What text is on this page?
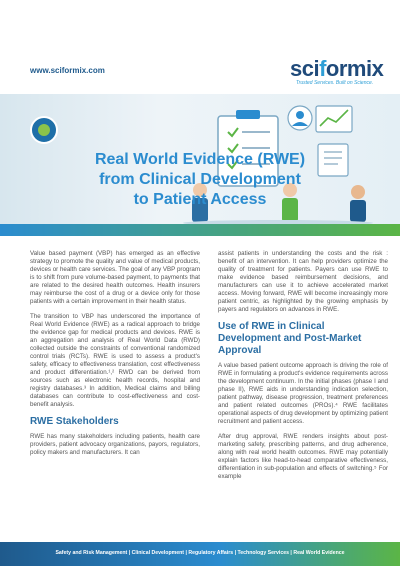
www.sciformix.com	sciformix
Trusted Services. Built on Science.
Real World Evidence (RWE)
from Clinical Development
to Patient Access

Value based payment (VBP) has emerged as an effective strategy to promote the quality and value of medical products, devices or health care services. The goal of any VBP program is to shift from pure volume-based payment, to payments that are related to the desired health outcomes. Health insurers may reimburse the cost of a drug or a device only for those patients with a certain improvement in their health status.

The transition to VBP has underscored the importance of Real World Evidence (RWE) as a radical approach to bridge the evidence gap for medical products and devices. RWE is an aggregation and analysis of Real World Data (RWD) collected outside the constraints of conventional randomized control trials (RCTs). RWE is used to assess a product's safety, efficacy to effectiveness translation, cost effectiveness and product differentiation.¹,² RWD can be derived from sources such as electronic health records, hospital and registry databases.³ In addition, Medical claims and billing databases can contribute to cost-effectiveness and cost-benefit analysis.

RWE Stakeholders

RWE has many stakeholders including patients, health care providers, patient advocacy organizations, payors, regulators, policy makers and manufacturers. It can

assist patients in understanding the costs and the risk : benefit of an intervention. It can help providers optimize the quality of treatment for patients. Payers can use RWE to make evidence based reimbursement decisions, and manufacturers can use it to achieve accelerated market access. Moving forward, RWE will become increasingly more patient centric, as highlighted by the growing emphasis by payers and regulators on advances in RWE.

Use of RWE in Clinical Development and Post-Market Approval

A value based patient outcome approach is driving the role of RWE in formulating a product's evidence requirements across the development continuum. In the initial phases (phase I and phase II), RWE aids in understanding indication selection, patient pathway, disease progression, treatment preferences and patient related outcomes (PROs).⁴ RWE facilitates operational aspects of drug development by optimizing patient recruitment and patient access.

After drug approval, RWE renders insights about post-marketing safety, prescribing patterns, and drug adherence, along with real world health outcomes. RWE may potentially explain factors like head-to-head comparative effectiveness, differentiation in sub-population and effects of switching.⁵ For example

Safety and Risk Management | Clinical Development | Regulatory Affairs | Technology Services | Real World Evidence
